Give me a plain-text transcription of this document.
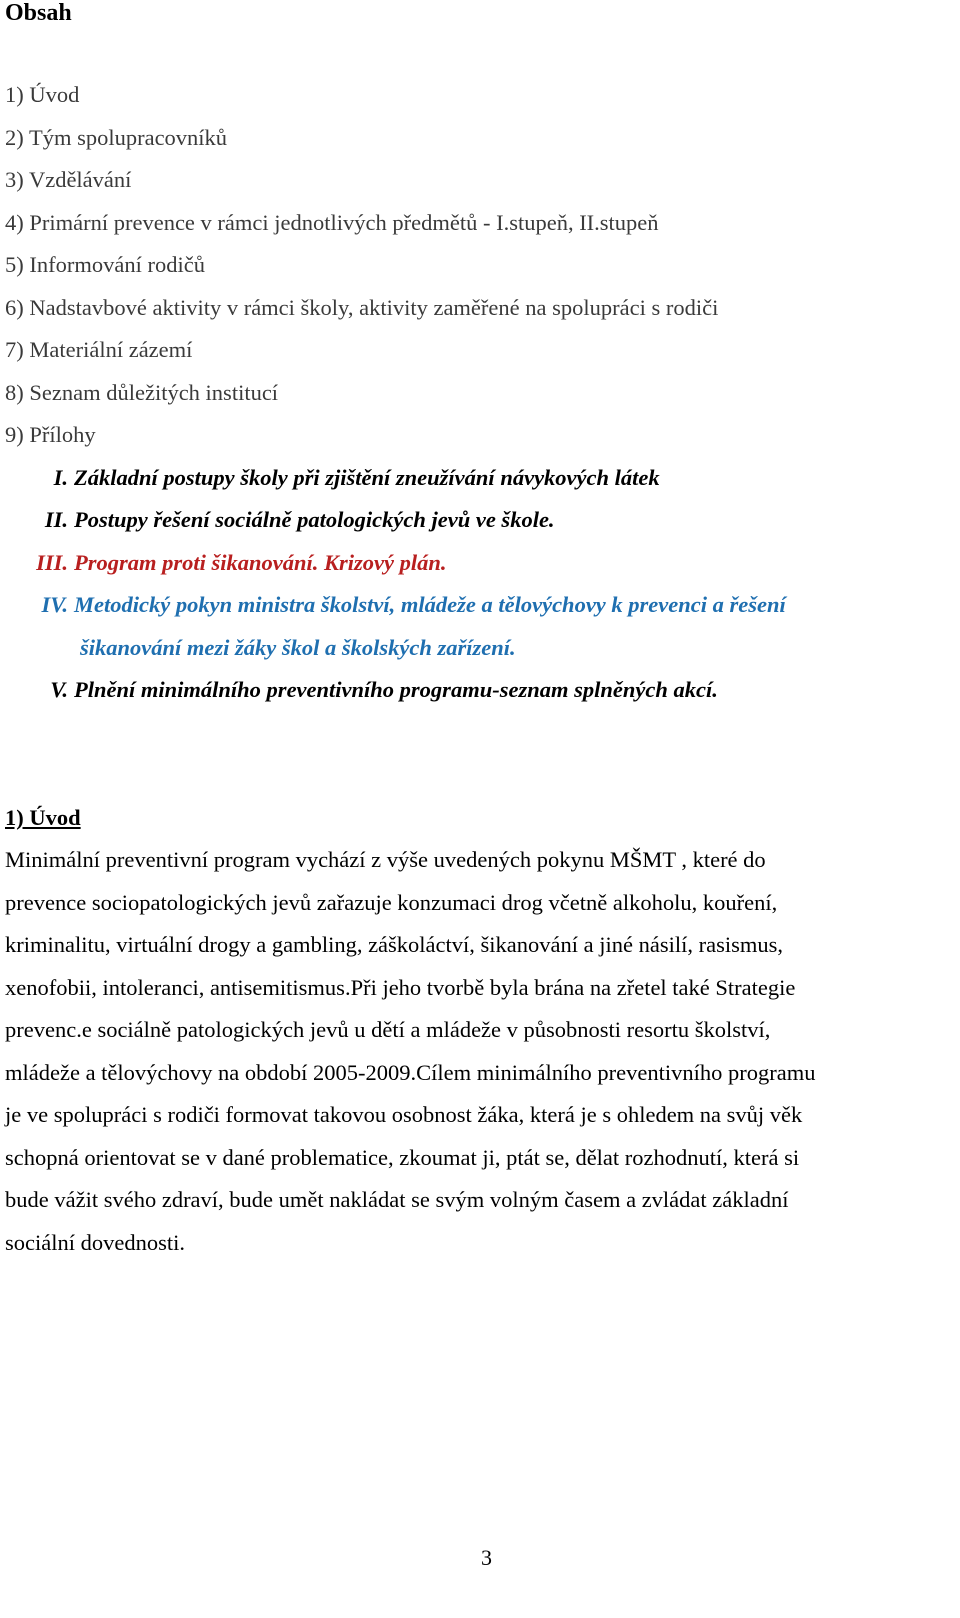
Obsah
1) Úvod
2) Tým spolupracovníků
3) Vzdělávání
4) Primární prevence v rámci jednotlivých předmětů - I.stupeň, II.stupeň
5) Informování rodičů
6) Nadstavbové aktivity v rámci školy, aktivity zaměřené na spolupráci s rodiči
7) Materiální zázemí
8) Seznam důležitých institucí
9) Přílohy
I. Základní postupy školy při zjištění zneužívání návykových látek
II. Postupy řešení sociálně patologických jevů ve škole.
III. Program proti šikanování. Krizový plán.
IV. Metodický pokyn ministra školství, mládeže a tělovýchovy k prevenci a řešení
šikanování mezi žáky škol a školských zařízení.
V. Plnění minimálního preventivního programu-seznam splněných akcí.
1) Úvod
Minimální preventivní program vychází z výše uvedených pokynu MŠMT , které do
prevence sociopatologických jevů zařazuje konzumaci drog včetně alkoholu, kouření,
kriminalitu, virtuální drogy a gambling, záškoláctví, šikanování a jiné násilí, rasismus,
xenofobii, intoleranci, antisemitismus.Při jeho tvorbě byla brána na zřetel také Strategie
prevenc.e sociálně patologických jevů u dětí a mládeže v působnosti resortu školství,
mládeže a tělovýchovy na období 2005-2009.Cílem minimálního preventivního programu
je ve spolupráci s rodiči formovat takovou osobnost žáka, která je s ohledem na svůj věk
schopná orientovat se v dané problematice, zkoumat ji, ptát se, dělat rozhodnutí, která si
bude vážit svého zdraví, bude umět nakládat se svým volným časem a zvládat základní
sociální dovednosti.
3
